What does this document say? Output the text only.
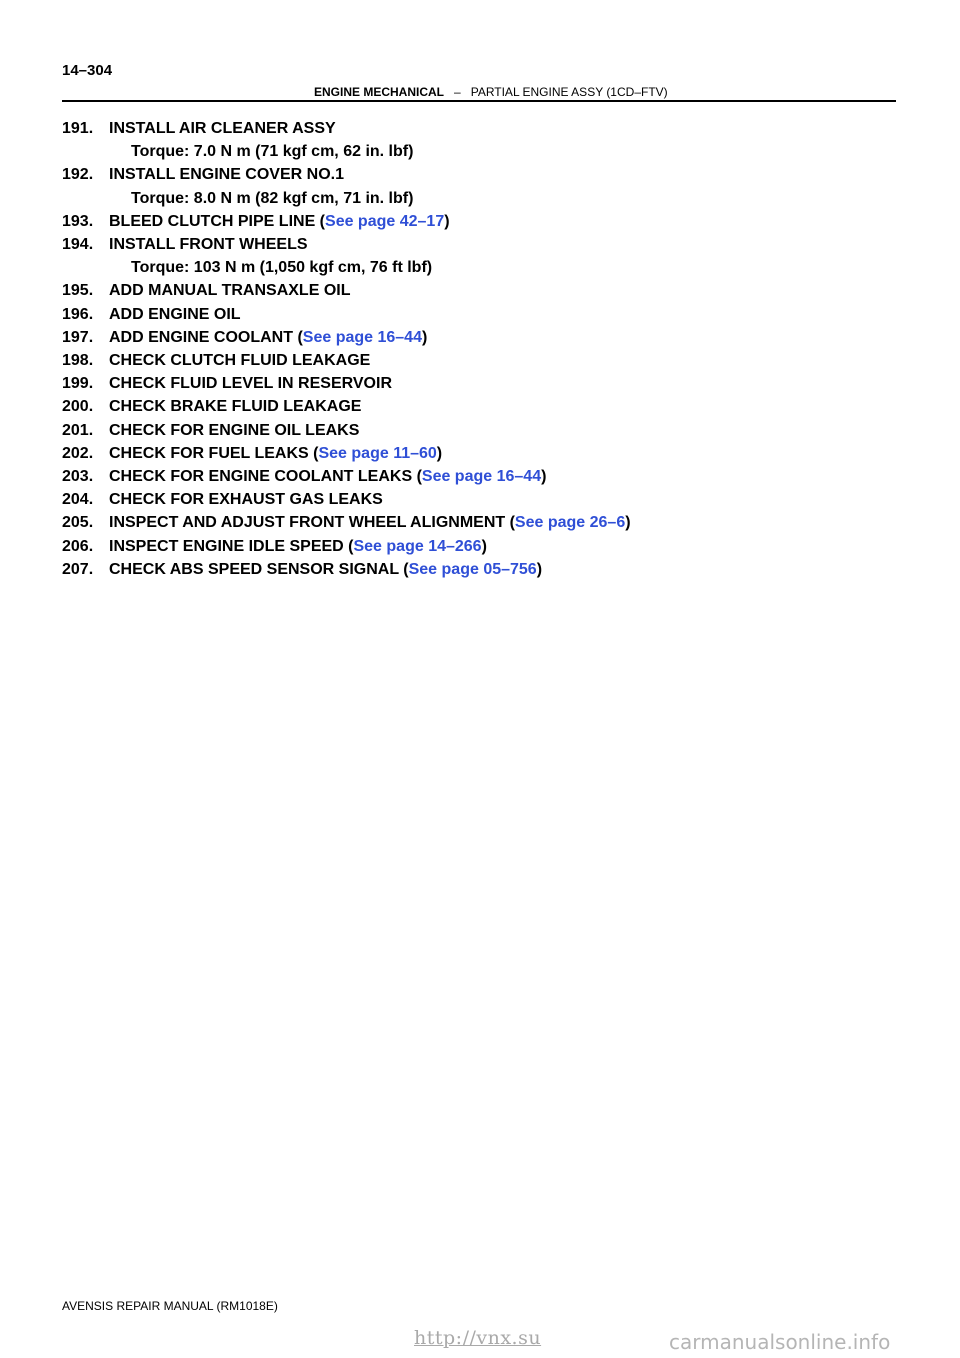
14–304
ENGINE MECHANICAL – PARTIAL ENGINE ASSY (1CD–FTV)
191. INSTALL AIR CLEANER ASSY
Torque: 7.0 N m (71 kgf cm, 62 in. lbf)
192. INSTALL ENGINE COVER NO.1
Torque: 8.0 N m (82 kgf cm, 71 in. lbf)
193. BLEED CLUTCH PIPE LINE (See page 42–17)
194. INSTALL FRONT WHEELS
Torque: 103 N m (1,050 kgf cm, 76 ft lbf)
195. ADD MANUAL TRANSAXLE OIL
196. ADD ENGINE OIL
197. ADD ENGINE COOLANT (See page 16–44)
198. CHECK CLUTCH FLUID LEAKAGE
199. CHECK FLUID LEVEL IN RESERVOIR
200. CHECK BRAKE FLUID LEAKAGE
201. CHECK FOR ENGINE OIL LEAKS
202. CHECK FOR FUEL LEAKS (See page 11–60)
203. CHECK FOR ENGINE COOLANT LEAKS (See page 16–44)
204. CHECK FOR EXHAUST GAS LEAKS
205. INSPECT AND ADJUST FRONT WHEEL ALIGNMENT (See page 26–6)
206. INSPECT ENGINE IDLE SPEED (See page 14–266)
207. CHECK ABS SPEED SENSOR SIGNAL (See page 05–756)
AVENSIS REPAIR MANUAL (RM1018E)
http://vnx.su	carmanualsonline.info
